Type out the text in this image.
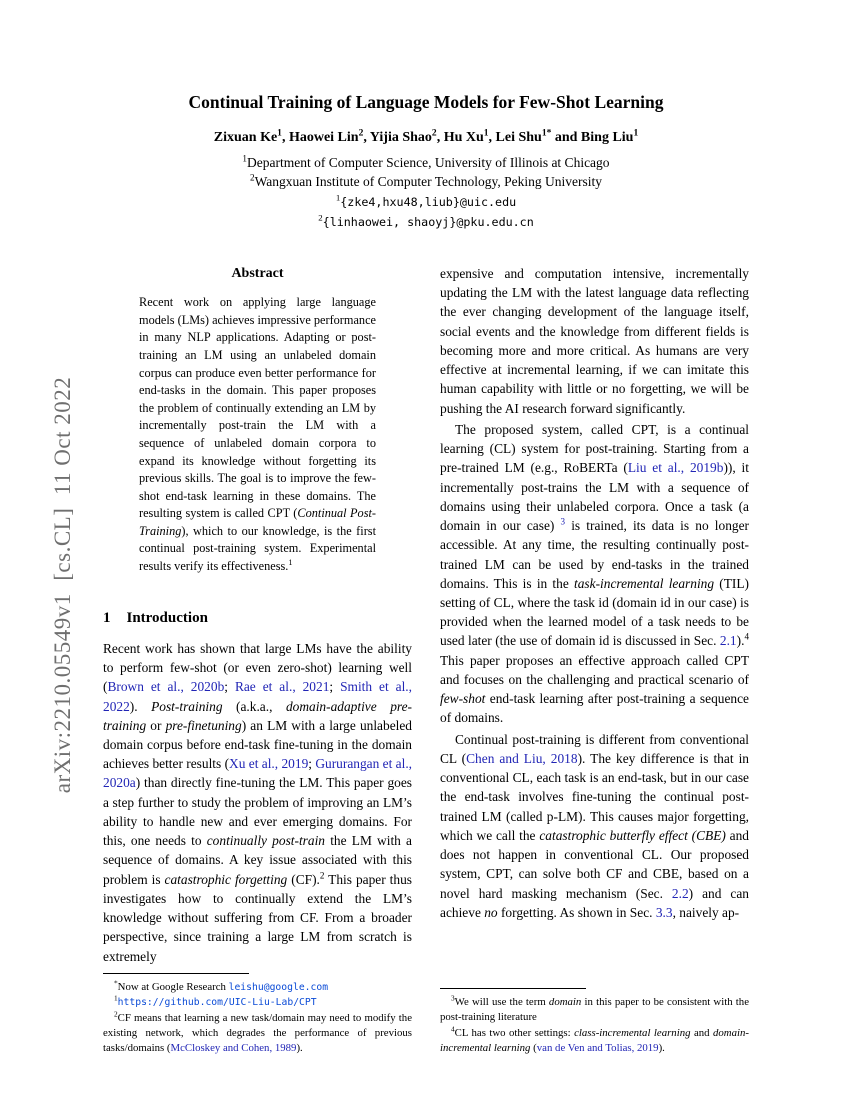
arXiv:2210.05549v1  [cs.CL]  11 Oct 2022
Continual Training of Language Models for Few-Shot Learning
Zixuan Ke$^1$, Haowei Lin$^2$, Yijia Shao$^2$, Hu Xu$^1$, Lei Shu$^{1*}$ and Bing Liu$^1$
$^1$Department of Computer Science, University of Illinois at Chicago
$^2$Wangxuan Institute of Computer Technology, Peking University
$^1${zke4,hxu48,liub}@uic.edu
$^2${linhaowei, shaoyj}@pku.edu.cn
Abstract

Recent work on applying large language models (LMs) achieves impressive performance in many NLP applications. Adapting or post-training an LM using an unlabeled domain corpus can produce even better performance for end-tasks in the domain. This paper proposes the problem of continually extending an LM by incrementally post-train the LM with a sequence of unlabeled domain corpora to expand its knowledge without forgetting its previous skills. The goal is to improve the few-shot end-task learning in these domains. The resulting system is called CPT (Continual Post-Training), which to our knowledge, is the first continual post-training system. Experimental results verify its effectiveness.$^1$

1 Introduction

Recent work has shown that large LMs have the ability to perform few-shot (or even zero-shot) learning well (Brown et al., 2020b; Rae et al., 2021; Smith et al., 2022). Post-training (a.k.a., domain-adaptive pre-training or pre-finetuning) an LM with a large unlabeled domain corpus before end-task fine-tuning in the domain achieves better results (Xu et al., 2019; Gururangan et al., 2020a) than directly fine-tuning the LM. This paper goes a step further to study the problem of improving an LM’s ability to handle new and ever emerging domains. For this, one needs to continually post-train the LM with a sequence of domains. A key issue associated with this problem is catastrophic forgetting (CF).$^2$ This paper thus investigates how to continually extend the LM’s knowledge without suffering from CF. From a broader perspective, since training a large LM from scratch is extremely

*Now at Google Research leishu@google.com

$^1$https://github.com/UIC-Liu-Lab/CPT

$^2$CF means that learning a new task/domain may need to modify the existing network, which degrades the performance of previous tasks/domains (McCloskey and Cohen, 1989).

expensive and computation intensive, incrementally updating the LM with the latest language data reflecting the ever changing development of the language itself, social events and the knowledge from different fields is becoming more and more critical. As humans are very effective at incremental learning, if we can imitate this human capability with little or no forgetting, we will be pushing the AI research forward significantly.

The proposed system, called CPT, is a continual learning (CL) system for post-training. Starting from a pre-trained LM (e.g., RoBERTa (Liu et al., 2019b)), it incrementally post-trains the LM with a sequence of domains using their unlabeled corpora. Once a task (a domain in our case) $^3$ is trained, its data is no longer accessible. At any time, the resulting continually post-trained LM can be used by end-tasks in the trained domains. This is in the task-incremental learning (TIL) setting of CL, where the task id (domain id in our case) is provided when the learned model of a task needs to be used later (the use of domain id is discussed in Sec. 2.1).$^4$ This paper proposes an effective approach called CPT and focuses on the challenging and practical scenario of few-shot end-task learning after post-training a sequence of domains.

Continual post-training is different from conventional CL (Chen and Liu, 2018). The key difference is that in conventional CL, each task is an end-task, but in our case the end-task involves fine-tuning the continual post-trained LM (called p-LM). This causes major forgetting, which we call the catastrophic butterfly effect (CBE) and does not happen in conventional CL. Our proposed system, CPT, can solve both CF and CBE, based on a novel hard masking mechanism (Sec. 2.2) and can achieve no forgetting. As shown in Sec. 3.3, naively ap-

$^3$We will use the term domain in this paper to be consistent with the post-training literature

$^4$CL has two other settings: class-incremental learning and domain-incremental learning (van de Ven and Tolias, 2019).
